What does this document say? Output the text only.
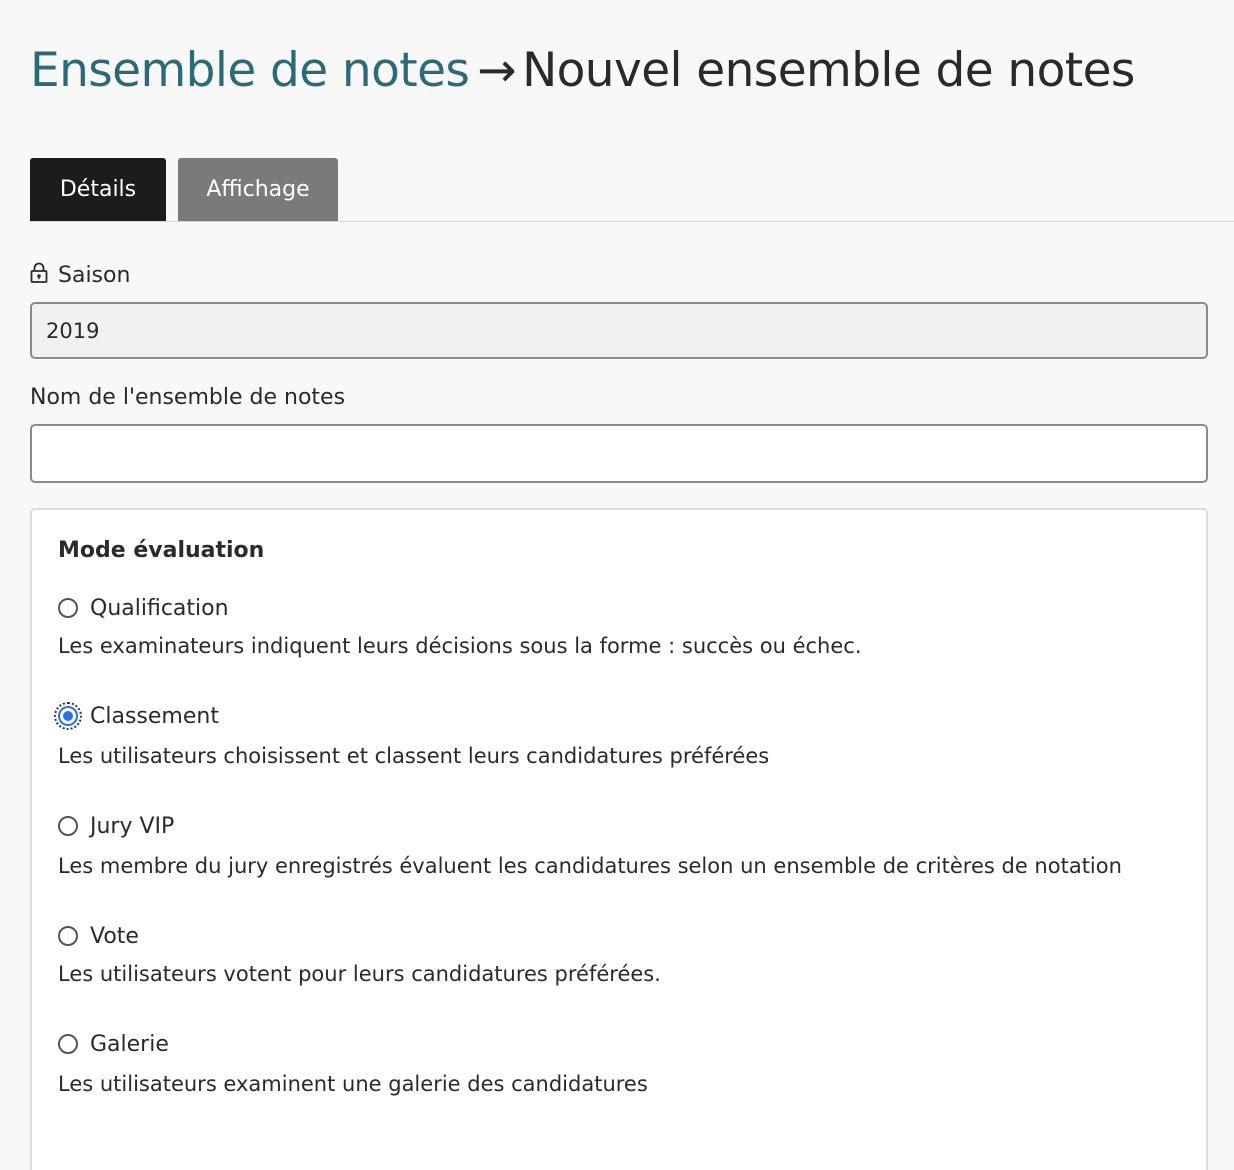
Ensemble de notes → Nouvel ensemble de notes
Détails	Affichage
Saison
2019
Nom de l'ensemble de notes
Mode évaluation
Qualification
Les examinateurs indiquent leurs décisions sous la forme : succès ou échec.
Classement
Les utilisateurs choisissent et classent leurs candidatures préférées
Jury VIP
Les membre du jury enregistrés évaluent les candidatures selon un ensemble de critères de notation
Vote
Les utilisateurs votent pour leurs candidatures préférées.
Galerie
Les utilisateurs examinent une galerie des candidatures
